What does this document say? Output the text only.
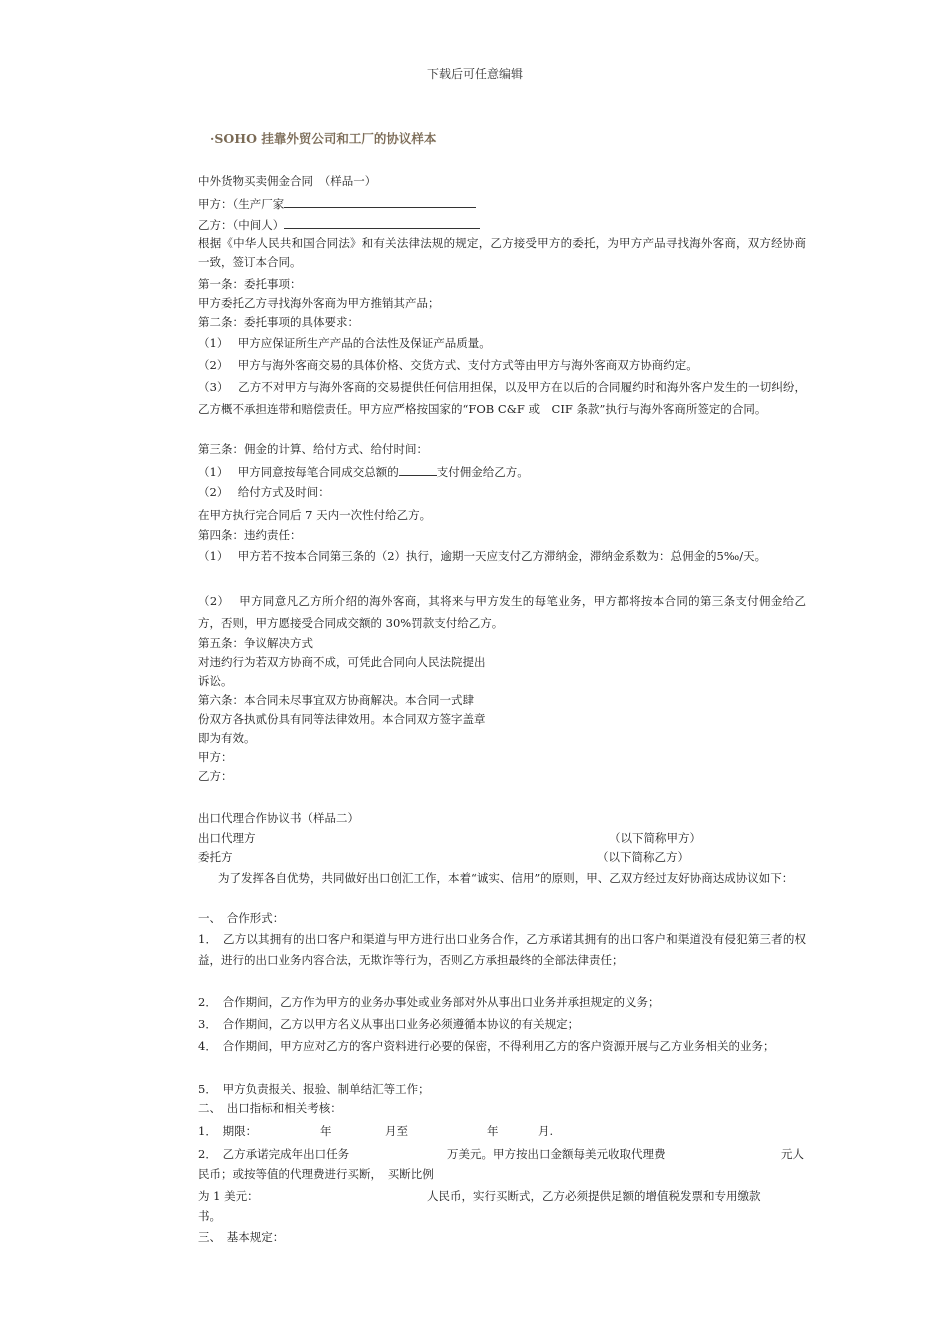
下载后可任意编辑
·SOHO 挂靠外贸公司和工厂的协议样本
中外货物买卖佣金合同　（样品一）
甲方：（生产厂家
乙方：（中间人）
根据《中华人民共和国合同法》和有关法律法规的规定，乙方接受甲方的委托，为甲方产品寻找海外客商，双方经协商一致，签订本合同。
第一条：委托事项：
甲方委托乙方寻找海外客商为甲方推销其产品；
第二条：委托事项的具体要求：
（1）　 甲方应保证所生产产品的合法性及保证产品质量。
（2）　 甲方与海外客商交易的具体价格、交货方式、支付方式等由甲方与海外客商双方协商约定。
（3）　 乙方不对甲方与海外客商的交易提供任何信用担保，以及甲方在以后的合同履约时和海外客户发生的一切纠纷，乙方概不承担连带和赔偿责任。甲方应严格按国家的“FOB C&F 或　CIF 条款”执行与海外客商所签定的合同。
第三条：佣金的计算、给付方式、给付时间：
（1）　 甲方同意按每笔合同成交总额的	支付佣金给乙方。
（2）　 给付方式及时间：
在甲方执行完合同后 7 天内一次性付给乙方。
第四条：违约责任：
（1）　 甲方若不按本合同第三条的（2）执行，逾期一天应支付乙方滞纳金，滞纳金系数为：总佣金的5‰/天。
（2）　 甲方同意凡乙方所介绍的海外客商，其将来与甲方发生的每笔业务，甲方都将按本合同的第三条支付佣金给乙方，否则，甲方愿接受合同成交额的 30%罚款支付给乙方。
第五条：争议解决方式
对违约行为若双方协商不成，可凭此合同向人民法院提出
诉讼。
第六条：本合同未尽事宜双方协商解决。本合同一式肆
份双方各执贰份具有同等法律效用。本合同双方签字盖章
即为有效。
甲方：
乙方：
出口代理合作协议书（样品二）
出口代理方	（以下简称甲方）
委托方	（以下简称乙方）
为了发挥各自优势，共同做好出口创汇工作，本着“诚实、信用”的原则，甲、乙双方经过友好协商达成协议如下：
一、　合作形式：
1．　乙方以其拥有的出口客户和渠道与甲方进行出口业务合作，乙方承诺其拥有的出口客户和渠道没有侵犯第三者的权益，进行的出口业务内容合法，无欺诈等行为，否则乙方承担最终的全部法律责任；
2．　合作期间，乙方作为甲方的业务办事处或业务部对外从事出口业务并承担规定的义务；
3．　合作期间，乙方以甲方名义从事出口业务必须遵循本协议的有关规定；
4．　合作期间，甲方应对乙方的客户资料进行必要的保密，不得利用乙方的客户资源开展与乙方业务相关的业务；
5．　甲方负责报关、报验、制单结汇等工作；
二、　出口指标和相关考核：
1．　期限：	年	月至	年	月.
2．　乙方承诺完成年出口任务	万美元。甲方按出口金额每美元收取代理费	元人
民币；或按等值的代理费进行买断，　买断比例
为 1 美元：	人民币，实行买断式，乙方必须提供足额的增值税发票和专用缴款
书。
三、　基本规定：
